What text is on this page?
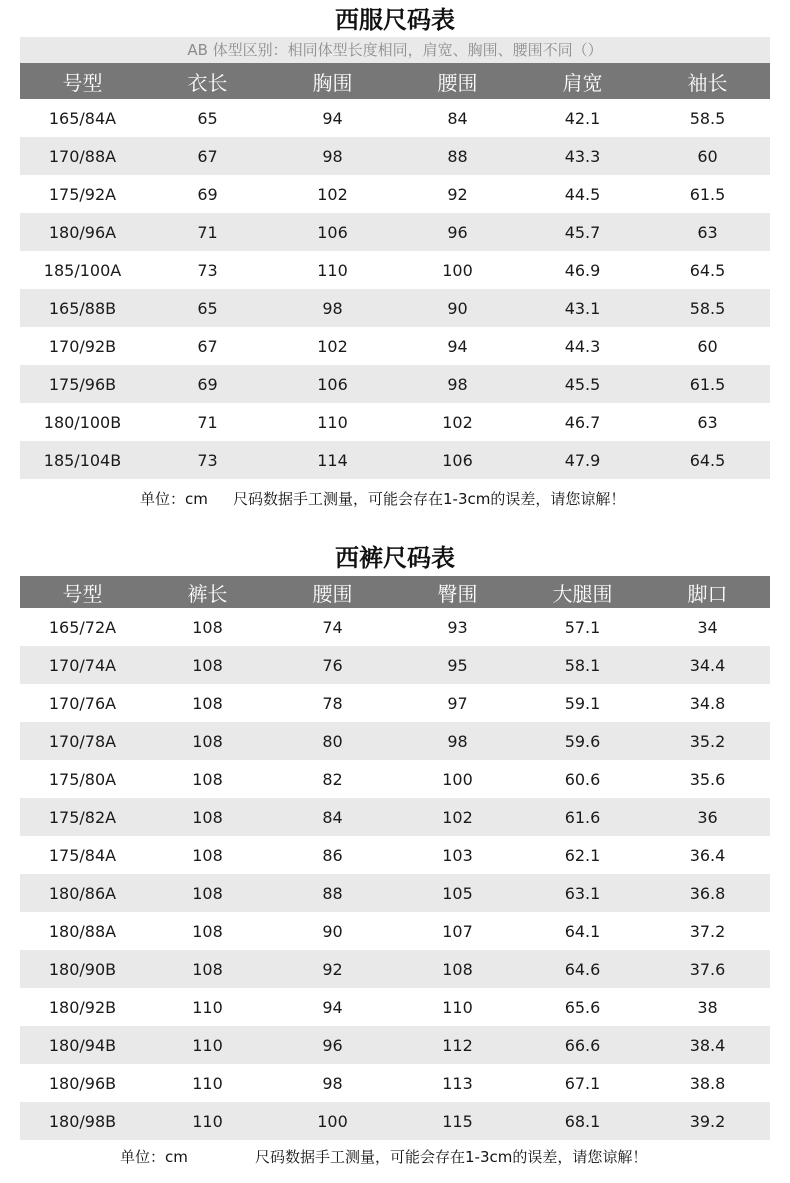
西服尺码表
AB 体型区别：相同体型长度相同，肩宽、胸围、腰围不同（）
号型	衣长	胸围	腰围	肩宽	袖长
165/84A	65	94	84	42.1	58.5
170/88A	67	98	88	43.3	60
175/92A	69	102	92	44.5	61.5
180/96A	71	106	96	45.7	63
185/100A	73	110	100	46.9	64.5
165/88B	65	98	90	43.1	58.5
170/92B	67	102	94	44.3	60
175/96B	69	106	98	45.5	61.5
180/100B	71	110	102	46.7	63
185/104B	73	114	106	47.9	64.5
单位：cm 尺码数据手工测量，可能会存在1-3cm的误差，请您谅解！
西裤尺码表
号型	裤长	腰围	臀围	大腿围	脚口
165/72A	108	74	93	57.1	34
170/74A	108	76	95	58.1	34.4
170/76A	108	78	97	59.1	34.8
170/78A	108	80	98	59.6	35.2
175/80A	108	82	100	60.6	35.6
175/82A	108	84	102	61.6	36
175/84A	108	86	103	62.1	36.4
180/86A	108	88	105	63.1	36.8
180/88A	108	90	107	64.1	37.2
180/90B	108	92	108	64.6	37.6
180/92B	110	94	110	65.6	38
180/94B	110	96	112	66.6	38.4
180/96B	110	98	113	67.1	38.8
180/98B	110	100	115	68.1	39.2
单位：cm	尺码数据手工测量，可能会存在1-3cm的误差，请您谅解！
